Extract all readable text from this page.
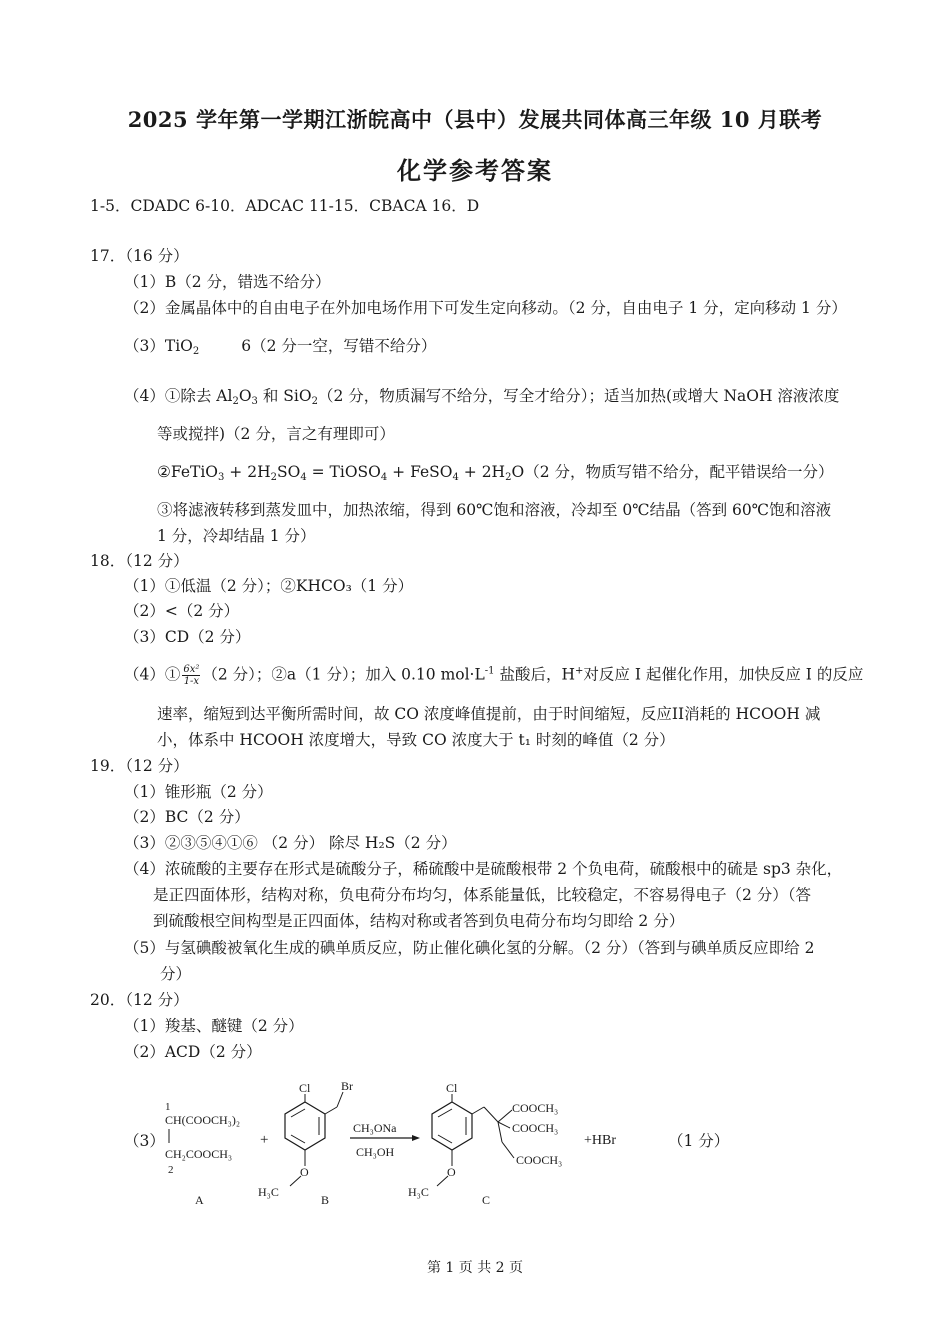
2025 学年第一学期江浙皖高中（县中）发展共同体高三年级 10 月联考
化学参考答案
1-5．CDADC 6-10．ADCAC 11-15．CBACA 16．D
17．（16 分）
（1）B（2 分，错选不给分）
（2）金属晶体中的自由电子在外加电场作用下可发生定向移动。（2 分，自由电子 1 分，定向移动 1 分）
（3）TiO$_2$	6（2 分一空，写错不给分）
（4）①除去 $Al_2O_3$ 和 SiO$_2$（2 分，物质漏写不给分，写全才给分）；适当加热(或增大 NaOH 溶液浓度
等或搅拌)（2 分，言之有理即可）
②FeTiO$_3$ + $2H_2SO_4$ = TiOSO$_4$ + FeSO$_4$ + $2H_2O(2$ 分，物质写错不给分，配平错误给一分）
③将滤液转移到蒸发皿中，加热浓缩，得到 60℃饱和溶液，冷却至 0℃结晶（答到 60℃饱和溶液
1 分，冷却结晶 1 分）
18．（12 分）
（1）①低温（2 分）；②KHCO₃（1 分）
（2）<（2 分）
（3）CD（2 分）
（4）① $\frac{\text{6x²}}{1-x} (2$ 分）；②a（1 分）；加入 0.10 $mol\cdot L^{-1}$ 盐酸后，H+对反应 I 起催化作用，加快反应 I 的反应
速率，缩短到达平衡所需时间，故 CO 浓度峰值提前，由于时间缩短，反应II消耗的 HCOOH 减
小，体系中 HCOOH 浓度增大，导致 CO 浓度大于 t₁ 时刻的峰值（2 分）
19．（12 分）
（1）锥形瓶（2 分）
（2）BC（2 分）
（3）②③⑤④①⑥ （2 分） 除尽 H₂S（2 分）
（4）浓硫酸的主要存在形式是硫酸分子，稀硫酸中是硫酸根带 2 个负电荷，硫酸根中的硫是 sp3 杂化，
是正四面体形，结构对称，负电荷分布均匀，体系能量低，比较稳定，不容易得电子（2 分）（答
到硫酸根空间构型是正四面体，结构对称或者答到负电荷分布均匀即给 2 分）
（5）与氢碘酸被氧化生成的碘单质反应，防止催化碘化氢的分解。（2 分）（答到与碘单质反应即给 2
分）
20．（12 分）
（1）羧基、醚键（2 分）
（2）ACD（2 分）
（3）	（1 分）
1
CH(COOCH₃)₂
CH₂COOCH₃
2
A
+
Cl	Br
O
H₃C
B
CH₃ONa
CH₃OH
Cl
COOCH₃
COOCH₃
COOCH₃
O
H₃C
C
+HBr
第 1 页 共 2 页
